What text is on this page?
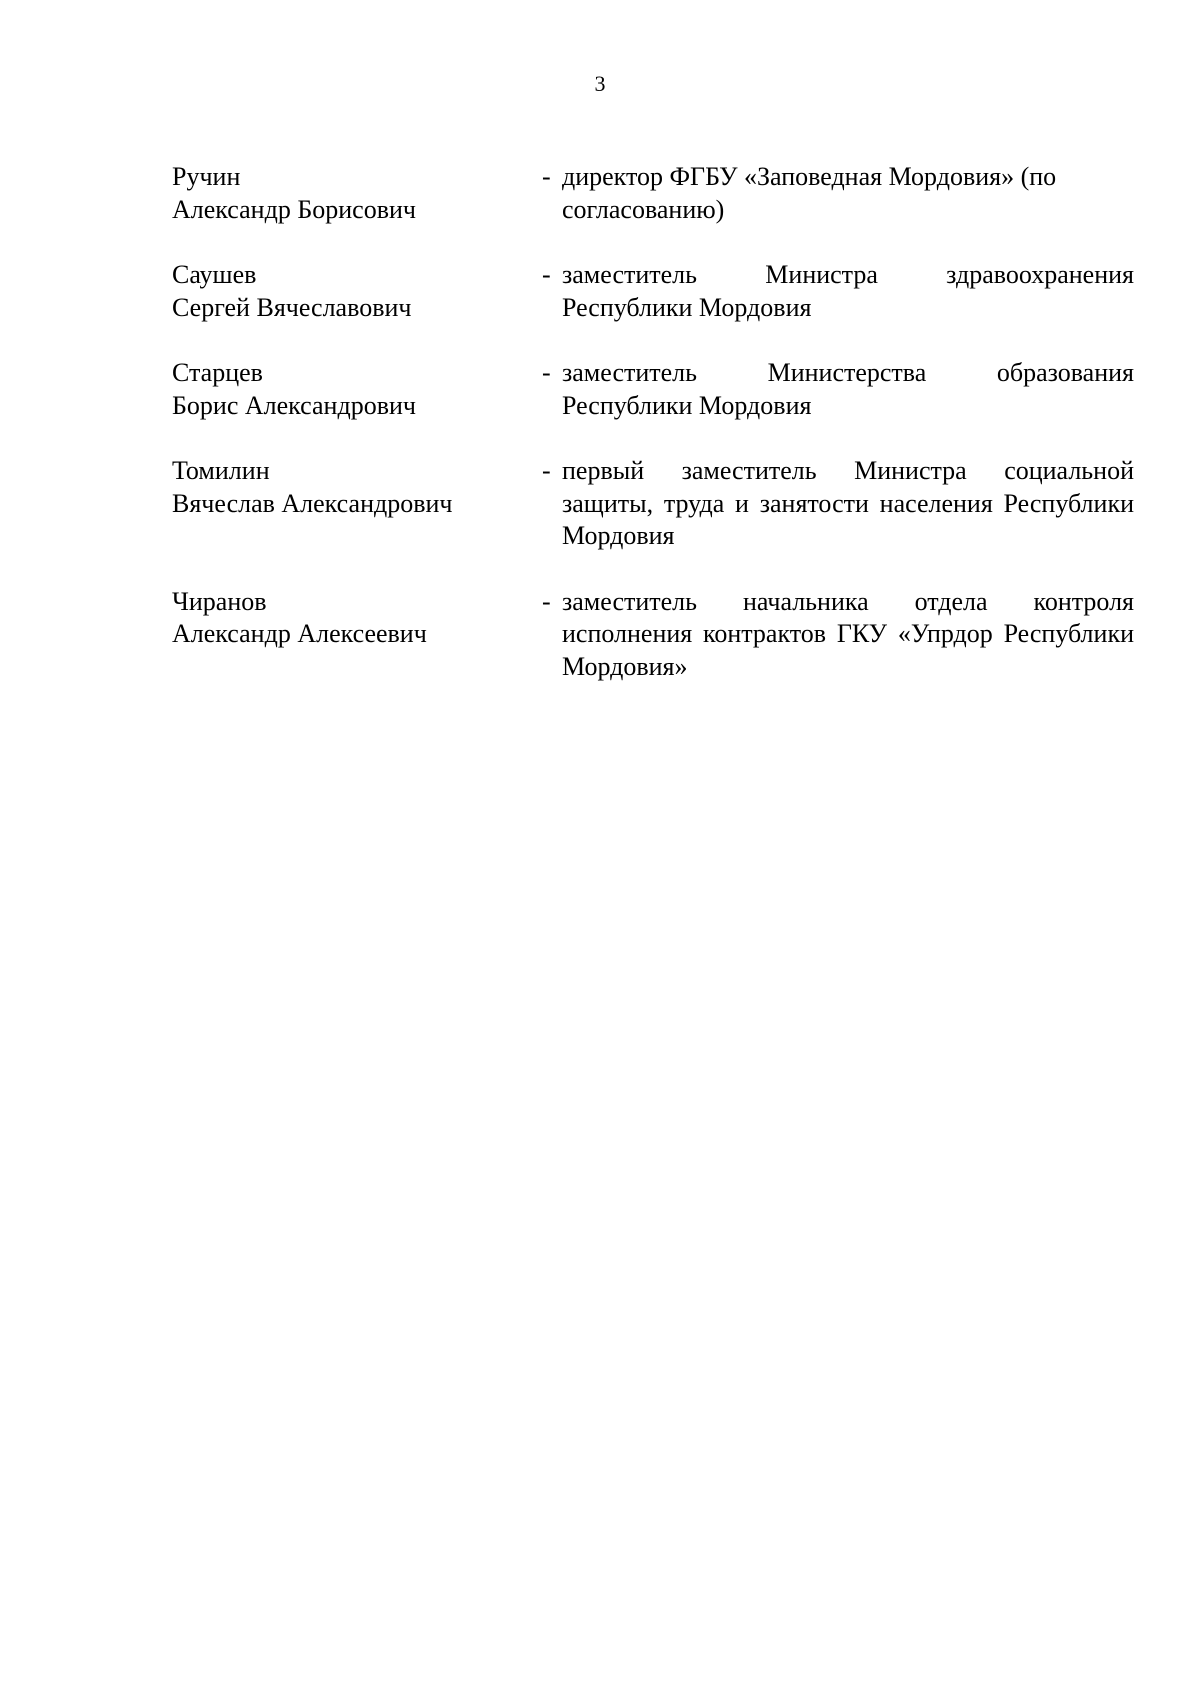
3
Ручин
Александр Борисович
- директор ФГБУ «Заповедная Мордовия» (по согласованию)
Саушев
Сергей Вячеславович
- заместитель Министра здравоохранения Республики Мордовия
Старцев
Борис Александрович
- заместитель Министерства образования Республики Мордовия
Томилин
Вячеслав Александрович
- первый заместитель Министра социальной защиты, труда и занятости населения Республики Мордовия
Чиранов
Александр Алексеевич
- заместитель начальника отдела контроля исполнения контрактов ГКУ «Упрдор Республики Мордовия»
